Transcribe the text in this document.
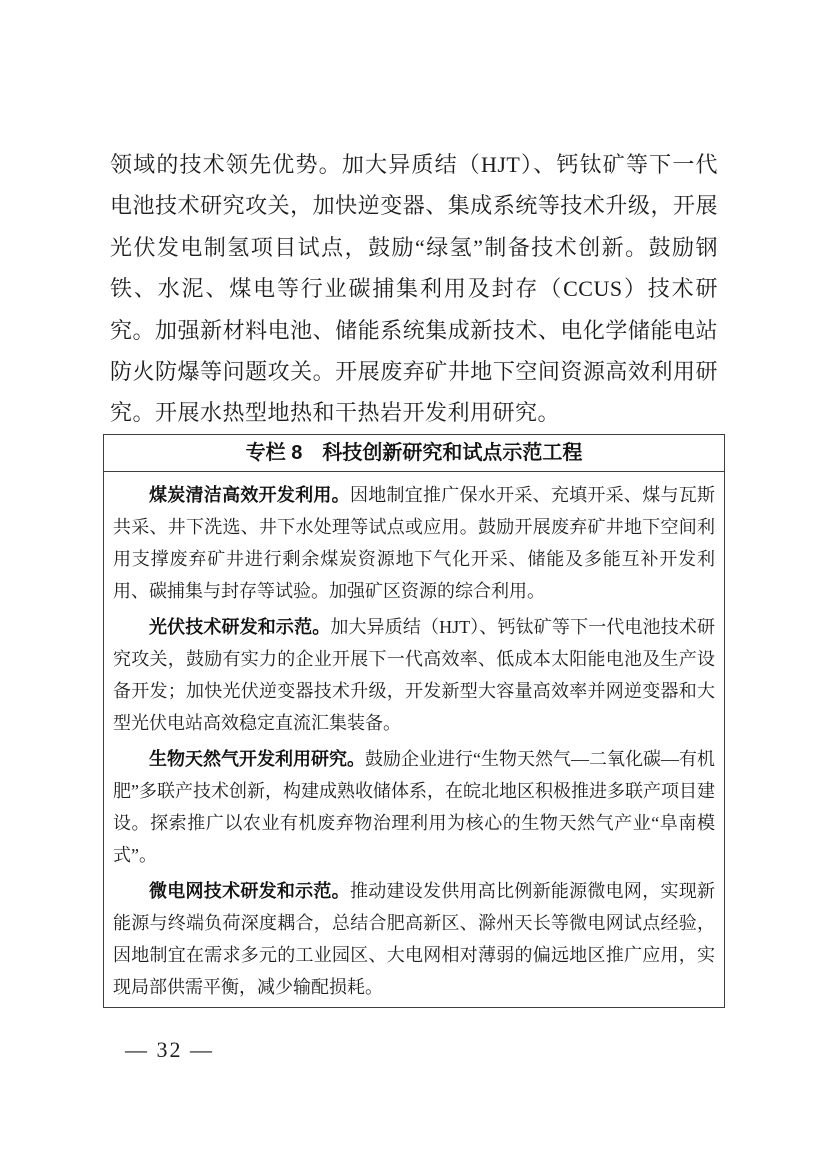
领域的技术领先优势。加大异质结（HJT）、钙钛矿等下一代电池技术研究攻关，加快逆变器、集成系统等技术升级，开展光伏发电制氢项目试点，鼓励“绿氢”制备技术创新。鼓励钢铁、水泥、煤电等行业碳捕集利用及封存（CCUS）技术研究。加强新材料电池、储能系统集成新技术、电化学储能电站防火防爆等问题攻关。开展废弃矿井地下空间资源高效利用研究。开展水热型地热和干热岩开发利用研究。
专栏 8　科技创新研究和试点示范工程

煤炭清洁高效开发利用。因地制宜推广保水开采、充填开采、煤与瓦斯共采、井下洗选、井下水处理等试点或应用。鼓励开展废弃矿井地下空间利用支撑废弃矿井进行剩余煤炭资源地下气化开采、储能及多能互补开发利用、碳捕集与封存等试验。加强矿区资源的综合利用。

光伏技术研发和示范。加大异质结（HJT）、钙钛矿等下一代电池技术研究攻关，鼓励有实力的企业开展下一代高效率、低成本太阳能电池及生产设备开发；加快光伏逆变器技术升级，开发新型大容量高效率并网逆变器和大型光伏电站高效稳定直流汇集装备。

生物天然气开发利用研究。鼓励企业进行“生物天然气—二氧化碳—有机肥”多联产技术创新，构建成熟收储体系，在皖北地区积极推进多联产项目建设。探索推广以农业有机废弃物治理利用为核心的生物天然气产业“阜南模式”。

微电网技术研发和示范。推动建设发供用高比例新能源微电网，实现新能源与终端负荷深度耦合，总结合肥高新区、滁州天长等微电网试点经验，因地制宜在需求多元的工业园区、大电网相对薄弱的偏远地区推广应用，实现局部供需平衡，减少输配损耗。

— 32 —
